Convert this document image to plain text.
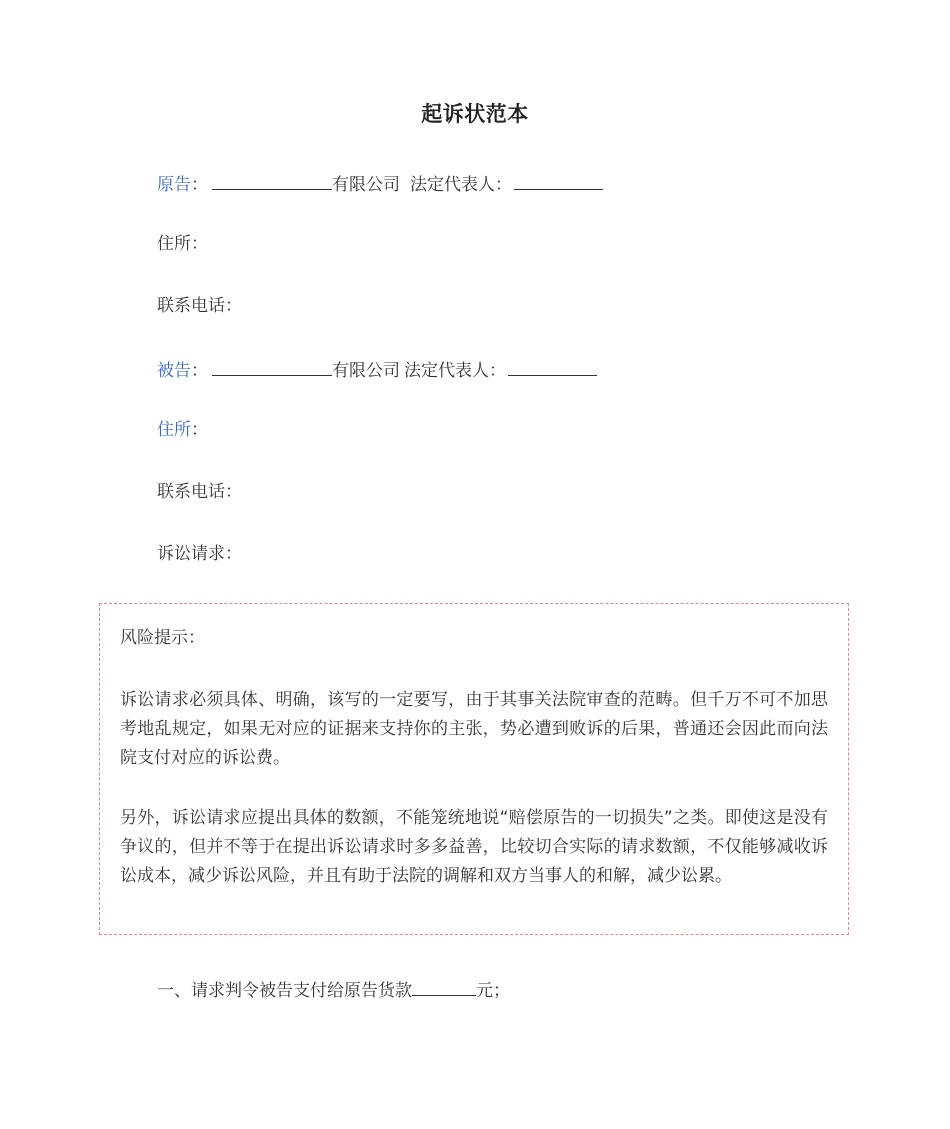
起诉状范本
原告：	有限公司 法定代表人：
住所：
联系电话：
被告：	有限公司 法定代表人：
住所：
联系电话：
诉讼请求：
风险提示：
诉讼请求必须具体、明确，该写的一定要写，由于其事关法院审查的范畴。但千万不可不加思考地乱规定，如果无对应的证据来支持你的主张，势必遭到败诉的后果，普通还会因此而向法院支付对应的诉讼费。
另外，诉讼请求应提出具体的数额，不能笼统地说“赔偿原告的一切损失”之类。即使这是没有争议的，但并不等于在提出诉讼请求时多多益善，比较切合实际的请求数额，不仅能够减收诉讼成本，减少诉讼风险，并且有助于法院的调解和双方当事人的和解，减少讼累。
一、请求判令被告支付给原告货款	元；
